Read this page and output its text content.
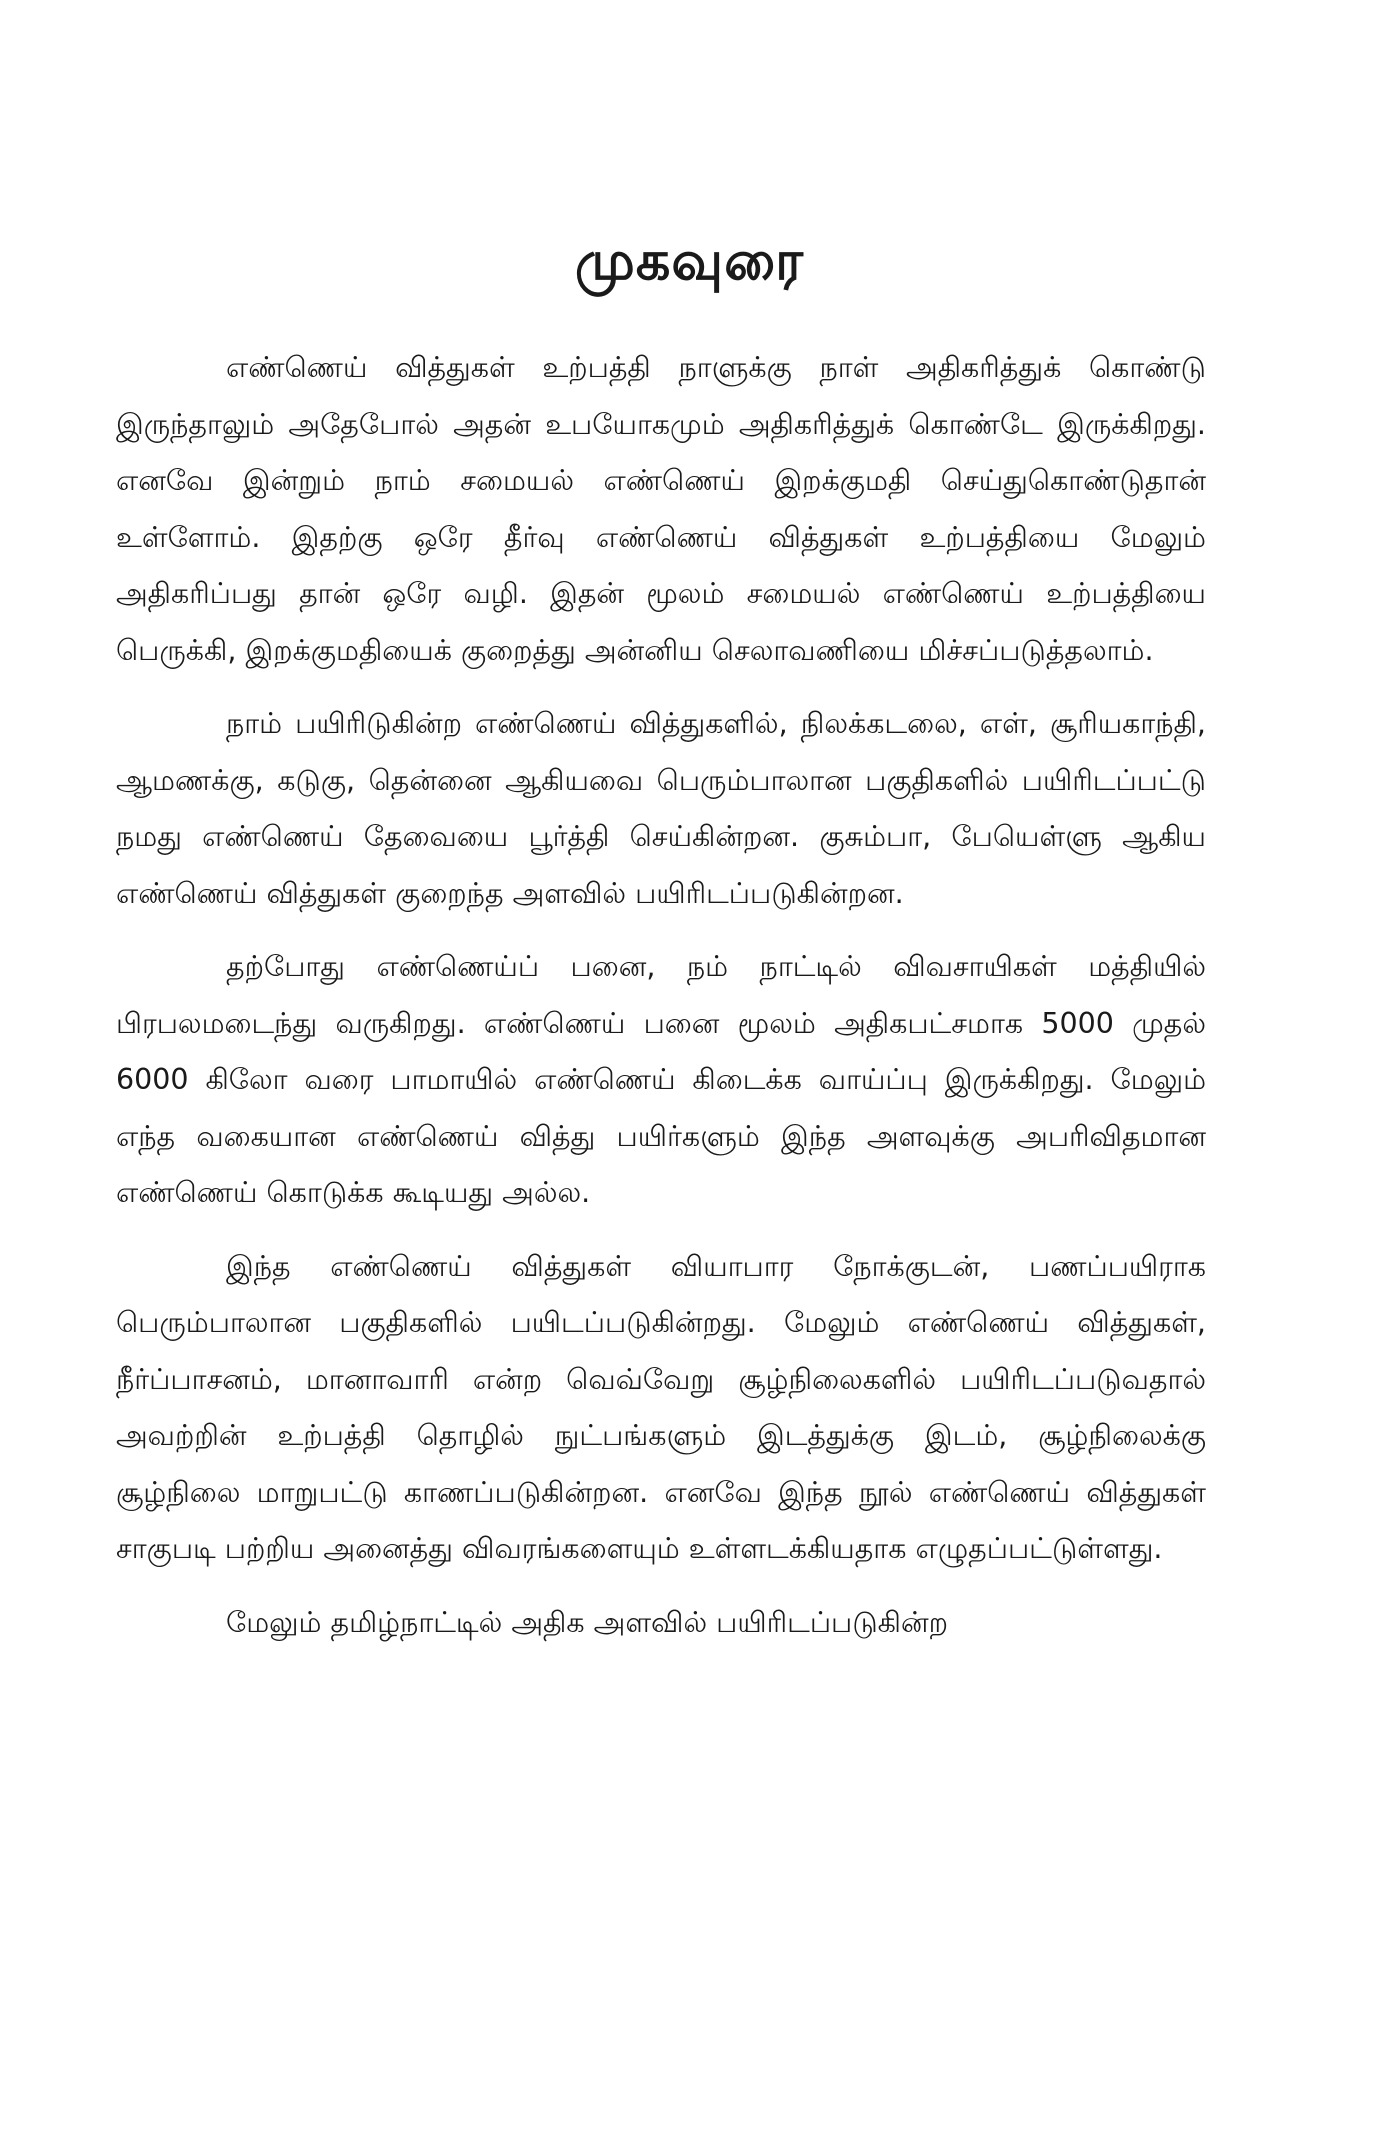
முகவுரை

எண்ணெய் வித்துகள் உற்பத்தி நாளுக்கு நாள் அதிகரித்துக் கொண்டு இருந்தாலும் அதேபோல் அதன் உபயோகமும் அதிகரித்துக் கொண்டே இருக்கிறது. எனவே இன்றும் நாம் சமையல் எண்ணெய் இறக்குமதி செய்துகொண்டுதான் உள்ளோம். இதற்கு ஒரே தீர்வு எண்ணெய் வித்துகள் உற்பத்தியை மேலும் அதிகரிப்பது தான் ஒரே வழி. இதன் மூலம் சமையல் எண்ணெய் உற்பத்தியை பெருக்கி, இறக்குமதியைக் குறைத்து அன்னிய செலாவணியை மிச்சப்படுத்தலாம்.

நாம் பயிரிடுகின்ற எண்ணெய் வித்துகளில், நிலக்கடலை, எள், சூரியகாந்தி, ஆமணக்கு, கடுகு, தென்னை ஆகியவை பெரும்பாலான பகுதிகளில் பயிரிடப்பட்டு நமது எண்ணெய் தேவையை பூர்த்தி செய்கின்றன. குசும்பா, பேயெள்ளு ஆகிய எண்ணெய் வித்துகள் குறைந்த அளவில் பயிரிடப்படுகின்றன.

தற்போது எண்ணெய்ப் பனை, நம் நாட்டில் விவசாயிகள் மத்தியில் பிரபலமடைந்து வருகிறது. எண்ணெய் பனை மூலம் அதிகபட்சமாக 5000 முதல் 6000 கிலோ வரை பாமாயில் எண்ணெய் கிடைக்க வாய்ப்பு இருக்கிறது. மேலும் எந்த வகையான எண்ணெய் வித்து பயிர்களும் இந்த அளவுக்கு அபரிவிதமான எண்ணெய் கொடுக்க கூடியது அல்ல.

இந்த எண்ணெய் வித்துகள் வியாபார நோக்குடன், பணப்பயிராக பெரும்பாலான பகுதிகளில் பயிடப்படுகின்றது. மேலும் எண்ணெய் வித்துகள், நீர்ப்பாசனம், மானாவாரி என்ற வெவ்வேறு சூழ்நிலைகளில் பயிரிடப்படுவதால் அவற்றின் உற்பத்தி தொழில் நுட்பங்களும் இடத்துக்கு இடம், சூழ்நிலைக்கு சூழ்நிலை மாறுபட்டு காணப்படுகின்றன. எனவே இந்த நூல் எண்ணெய் வித்துகள் சாகுபடி பற்றிய அனைத்து விவரங்களையும் உள்ளடக்கியதாக எழுதப்பட்டுள்ளது.

மேலும் தமிழ்நாட்டில் அதிக அளவில் பயிரிடப்படுகின்ற
